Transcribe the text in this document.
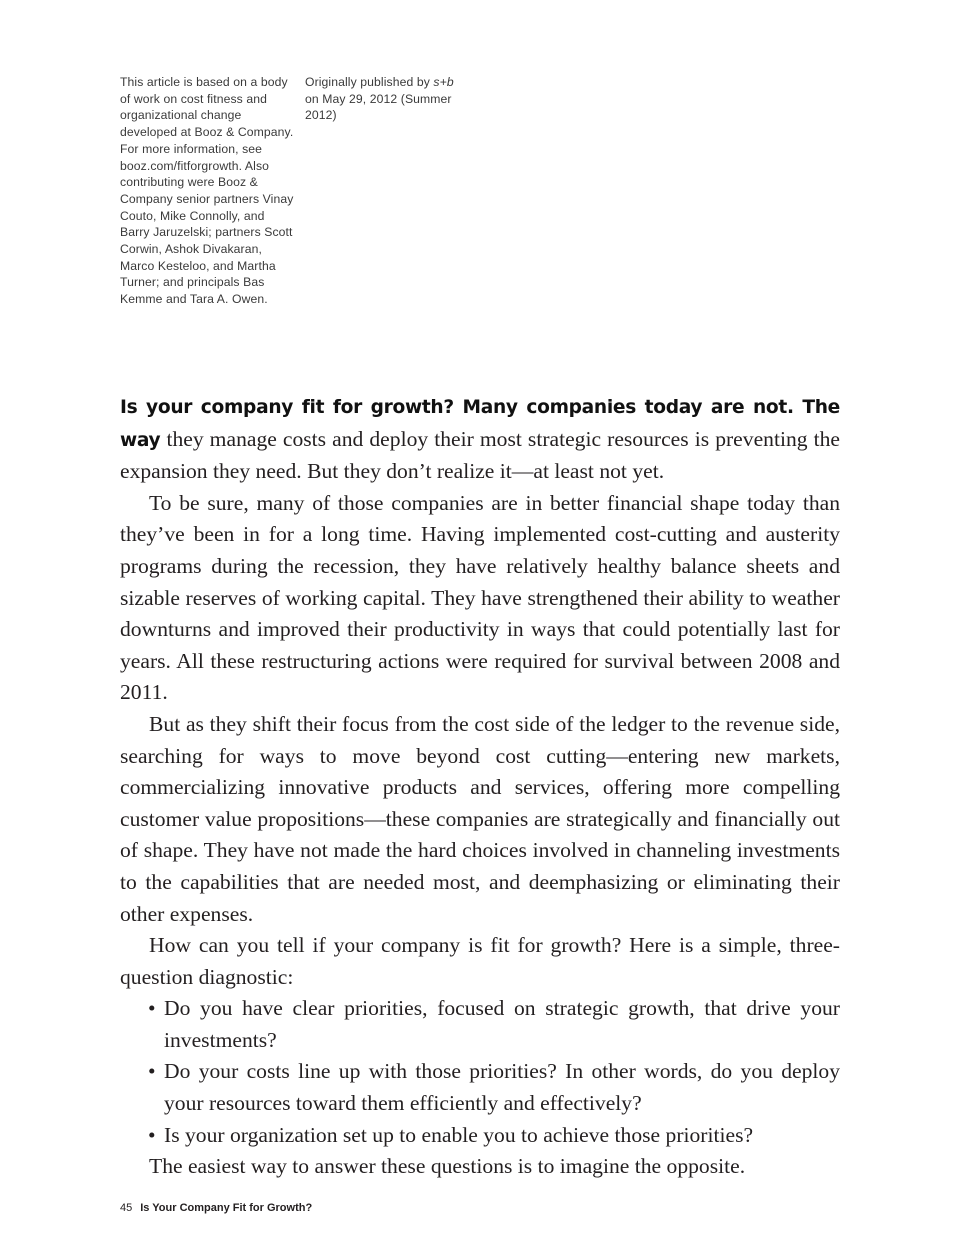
This article is based on a body of work on cost fitness and organizational change developed at Booz & Company. For more information, see booz.com/fitforgrowth. Also contributing were Booz & Company senior partners Vinay Couto, Mike Connolly, and Barry Jaruzelski; partners Scott Corwin, Ashok Divakaran, Marco Kesteloo, and Martha Turner; and principals Bas Kemme and Tara A. Owen.
Originally published by s+b on May 29, 2012 (Summer 2012)

Is your company fit for growth? Many companies today are not. The way they manage costs and deploy their most strategic resources is preventing the expansion they need. But they don’t realize it—at least not yet.

To be sure, many of those companies are in better financial shape today than they’ve been in for a long time. Having implemented cost-cutting and austerity programs during the recession, they have relatively healthy balance sheets and sizable reserves of working capital. They have strengthened their ability to weather downturns and improved their productivity in ways that could potentially last for years. All these restructuring actions were required for survival between 2008 and 2011.

But as they shift their focus from the cost side of the ledger to the revenue side, searching for ways to move beyond cost cutting—entering new markets, commercializing innovative products and services, offering more compelling customer value propositions—these companies are strategically and financially out of shape. They have not made the hard choices involved in channeling investments to the capabilities that are needed most, and deemphasizing or eliminating their other expenses.

How can you tell if your company is fit for growth? Here is a simple, three-question diagnostic:

• Do you have clear priorities, focused on strategic growth, that drive your investments?
• Do your costs line up with those priorities? In other words, do you deploy your resources toward them efficiently and effectively?
• Is your organization set up to enable you to achieve those priorities?

The easiest way to answer these questions is to imagine the opposite.

45 Is Your Company Fit for Growth?
